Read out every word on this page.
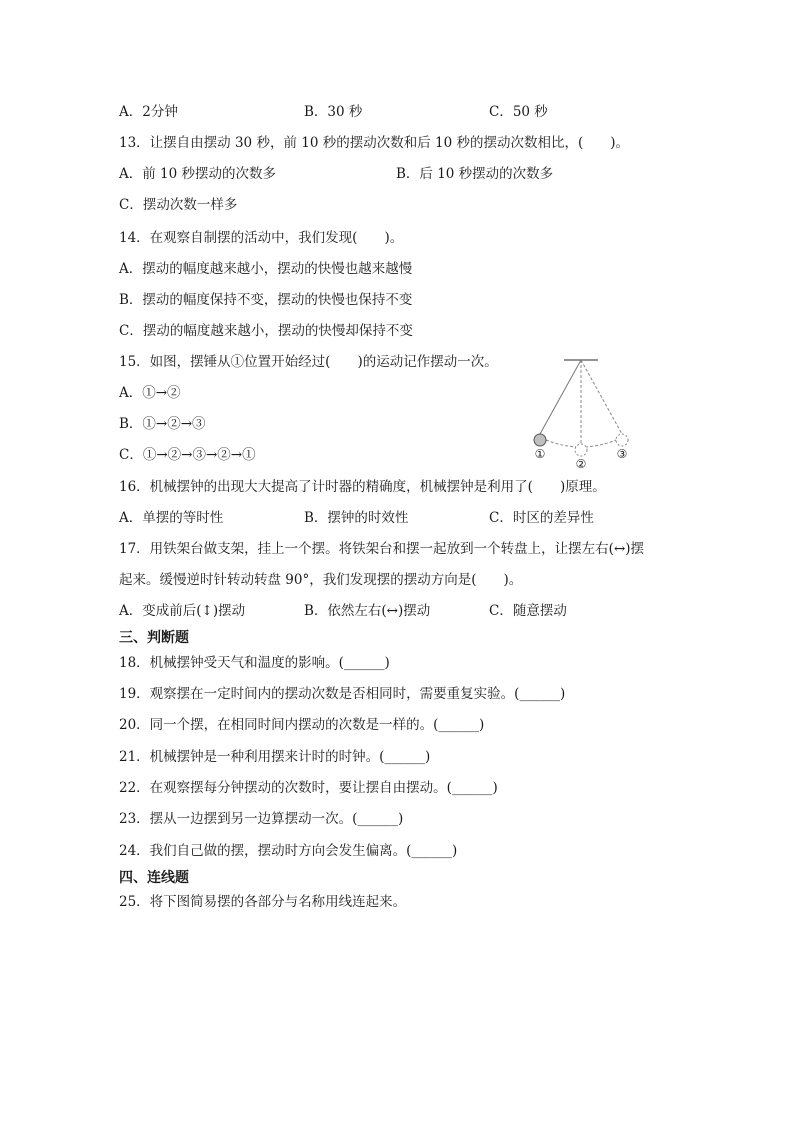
A．2分钟	B．30 秒	C．50 秒
13．让摆自由摆动 30 秒，前 10 秒的摆动次数和后 10 秒的摆动次数相比，(　　)。
A．前 10 秒摆动的次数多	B．后 10 秒摆动的次数多
C．摆动次数一样多
14．在观察自制摆的活动中，我们发现(　　)。
A．摆动的幅度越来越小，摆动的快慢也越来越慢
B．摆动的幅度保持不变，摆动的快慢也保持不变
C．摆动的幅度越来越小，摆动的快慢却保持不变
15．如图，摆锤从①位置开始经过(　　)的运动记作摆动一次。
A．①→②
B．①→②→③
C．①→②→③→②→①	①
②
③
16．机械摆钟的出现大大提高了计时器的精确度，机械摆钟是利用了(　　)原理。
A．单摆的等时性	B．摆钟的时效性	C．时区的差异性
17．用铁架台做支架，挂上一个摆。将铁架台和摆一起放到一个转盘上，让摆左右(↔)摆
起来。缓慢逆时针转动转盘 90°，我们发现摆的摆动方向是(　　)。
A．变成前后(↕)摆动	B．依然左右(↔)摆动	C．随意摆动
三、判断题
18．机械摆钟受天气和温度的影响。(______)
19．观察摆在一定时间内的摆动次数是否相同时，需要重复实验。(______)
20．同一个摆，在相同时间内摆动的次数是一样的。(______)
21．机械摆钟是一种利用摆来计时的时钟。(______)
22．在观察摆每分钟摆动的次数时，要让摆自由摆动。(______)
23．摆从一边摆到另一边算摆动一次。(______)
24．我们自己做的摆，摆动时方向会发生偏离。(______)
四、连线题
25．将下图简易摆的各部分与名称用线连起来。
